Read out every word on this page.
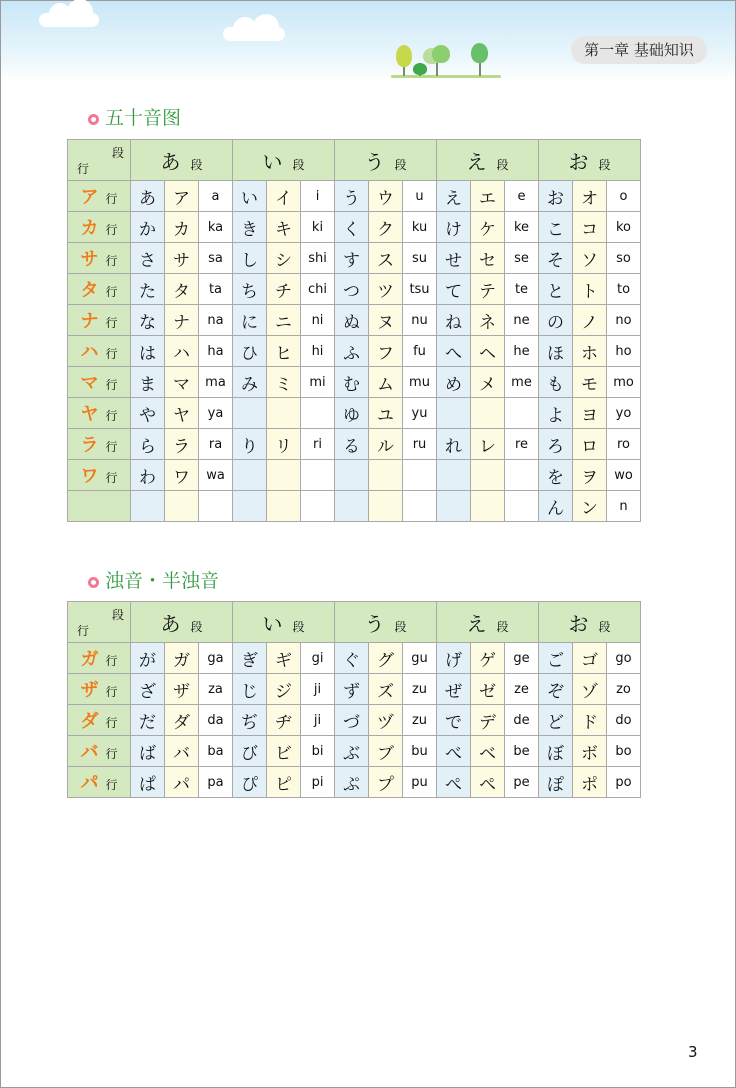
第一章 基础知识
五十音图
段
行	あ 段			い 段			う 段			え 段			お 段		
ア 行	あ	ア	a	い	イ	i	う	ウ	u	え	エ	e	お	オ	o
カ 行	か	カ	ka	き	キ	ki	く	ク	ku	け	ケ	ke	こ	コ	ko
サ 行	さ	サ	sa	し	シ	shi	す	ス	su	せ	セ	se	そ	ソ	so
タ 行	た	タ	ta	ち	チ	chi	つ	ツ	tsu	て	テ	te	と	ト	to
ナ 行	な	ナ	na	に	ニ	ni	ぬ	ヌ	nu	ね	ネ	ne	の	ノ	no
ハ 行	は	ハ	ha	ひ	ヒ	hi	ふ	フ	fu	へ	ヘ	he	ほ	ホ	ho
マ 行	ま	マ	ma	み	ミ	mi	む	ム	mu	め	メ	me	も	モ	mo
ヤ 行	や	ヤ	ya				ゆ	ユ	yu				よ	ヨ	yo
ラ 行	ら	ラ	ra	り	リ	ri	る	ル	ru	れ	レ	re	ろ	ロ	ro
ワ 行	わ	ワ	wa										を	ヲ	wo
													ん	ン	n
浊音・半浊音
段
行	あ 段			い 段			う 段			え 段			お 段		
ガ 行	が	ガ	ga	ぎ	ギ	gi	ぐ	グ	gu	げ	ゲ	ge	ご	ゴ	go
ザ 行	ざ	ザ	za	じ	ジ	ji	ず	ズ	zu	ぜ	ゼ	ze	ぞ	ゾ	zo
ダ 行	だ	ダ	da	ぢ	ヂ	ji	づ	ヅ	zu	で	デ	de	ど	ド	do
バ 行	ば	バ	ba	び	ビ	bi	ぶ	ブ	bu	べ	ベ	be	ぼ	ボ	bo
パ 行	ぱ	パ	pa	ぴ	ピ	pi	ぷ	プ	pu	ぺ	ペ	pe	ぽ	ポ	po
3
